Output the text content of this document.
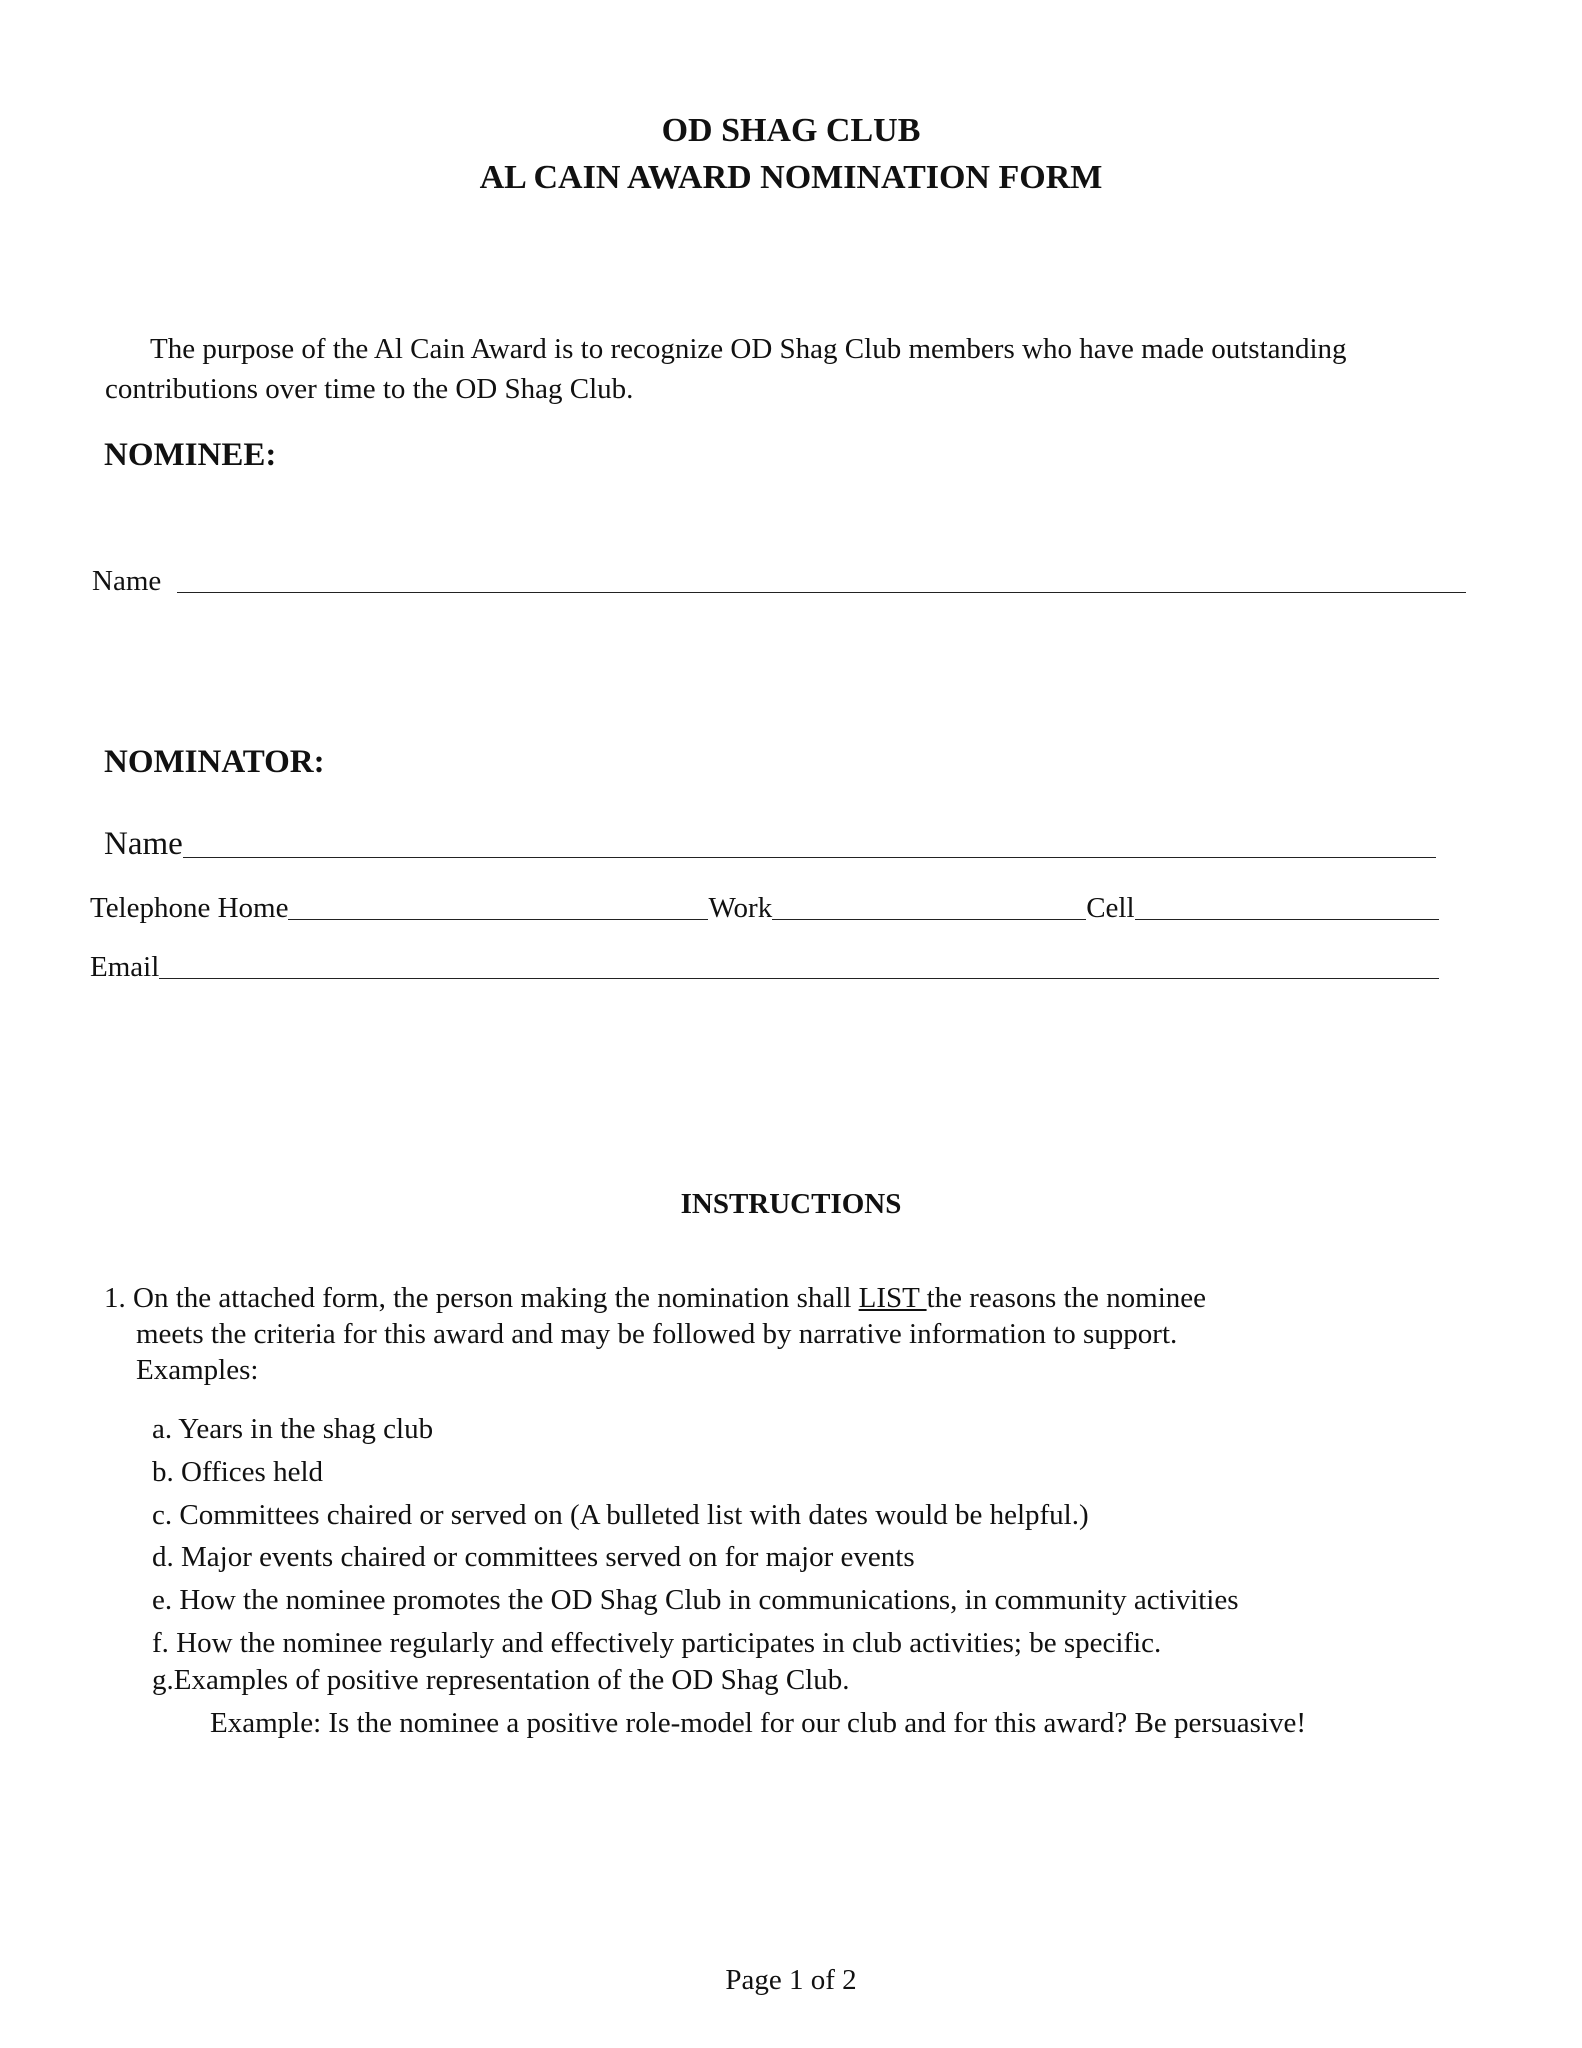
OD SHAG CLUB
AL CAIN AWARD NOMINATION FORM
The purpose of the Al Cain Award is to recognize OD Shag Club members who have made outstanding
contributions over time to the OD Shag Club.
NOMINEE:
Name
NOMINATOR:
Name
Telephone Home	Work	Cell
Email
INSTRUCTIONS
1. On the attached form, the person making the nomination shall LIST the reasons the nominee
meets the criteria for this award and may be followed by narrative information to support.
Examples:
a. Years in the shag club
b. Offices held
c. Committees chaired or served on (A bulleted list with dates would be helpful.)
d. Major events chaired or committees served on for major events
e. How the nominee promotes the OD Shag Club in communications, in community activities
f. How the nominee regularly and effectively participates in club activities; be specific.
g.Examples of positive representation of the OD Shag Club.
Example: Is the nominee a positive role-model for our club and for this award? Be persuasive!
Page 1 of 2
